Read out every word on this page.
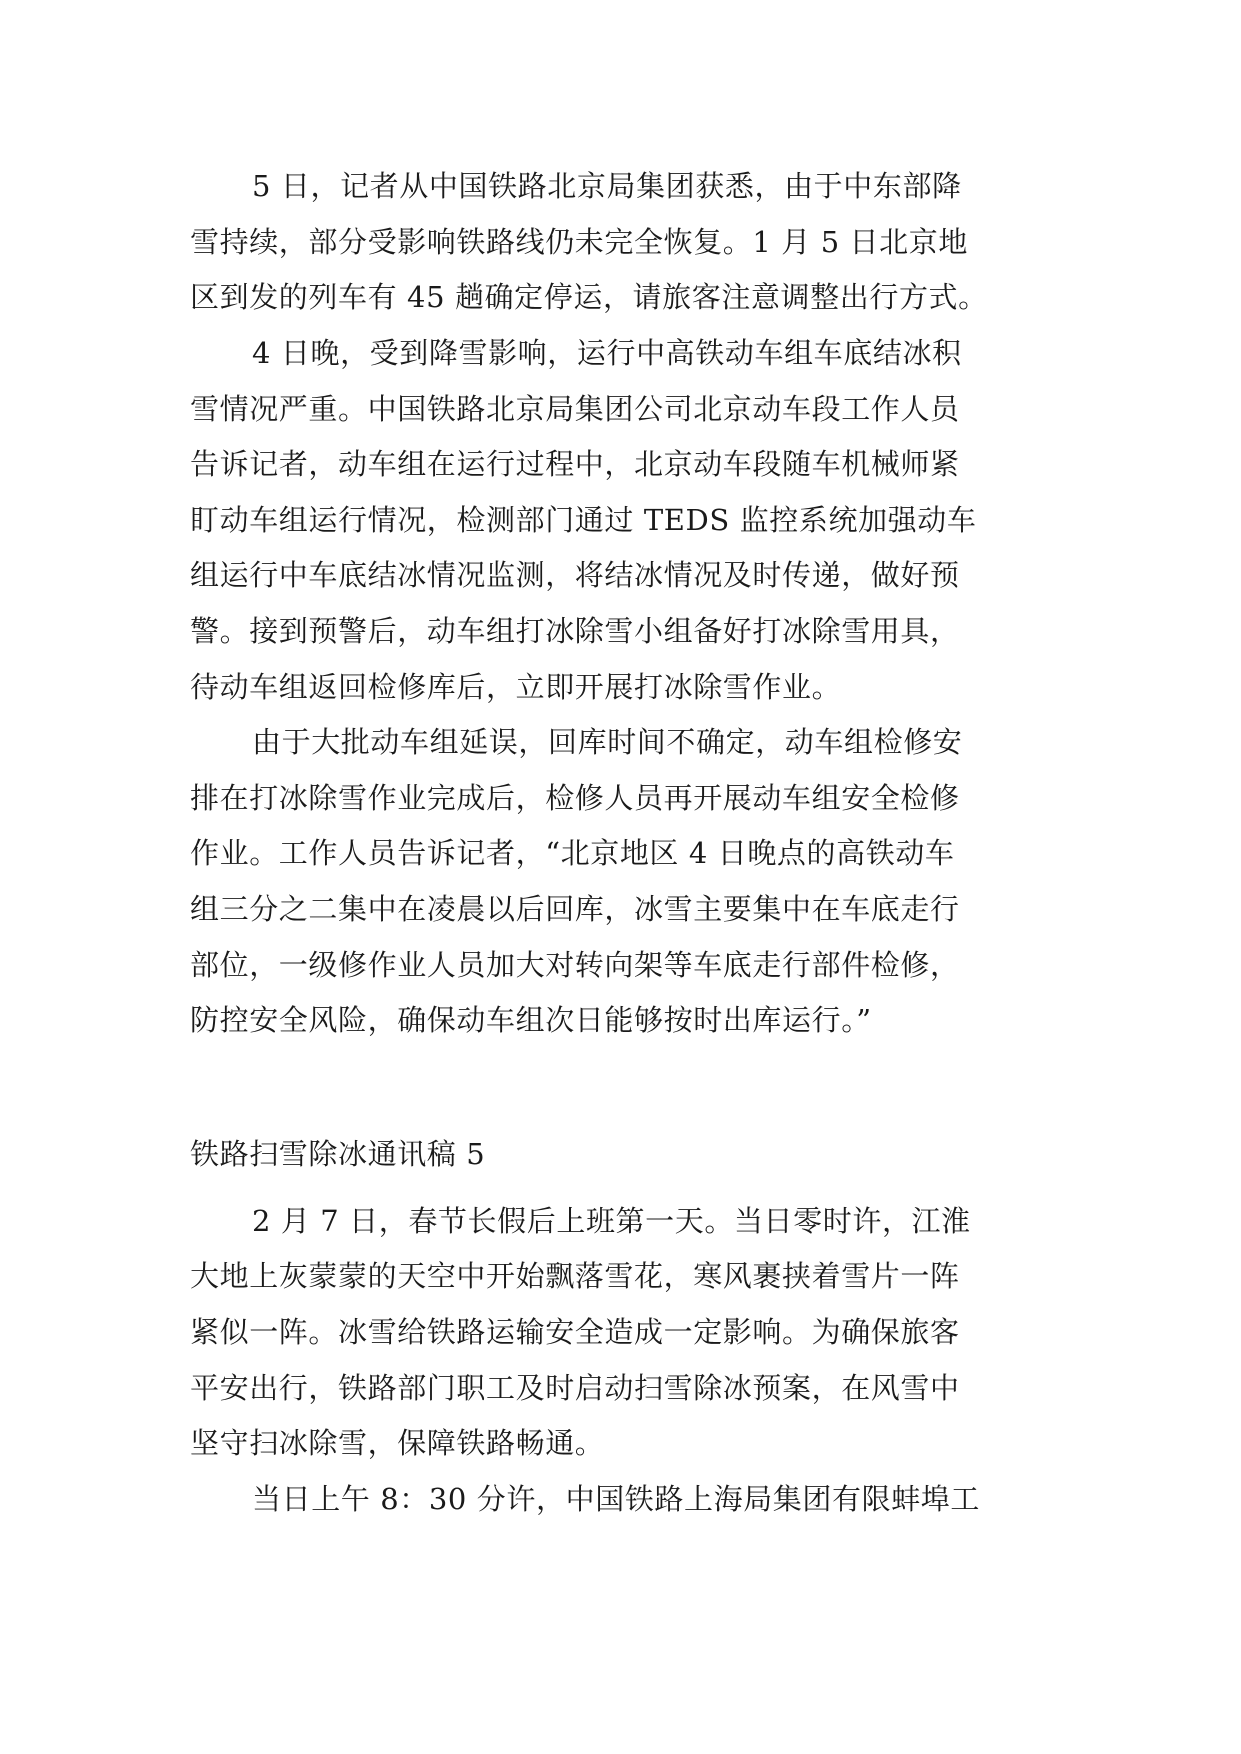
5 日，记者从中国铁路北京局集团获悉，由于中东部降

雪持续，部分受影响铁路线仍未完全恢复。1 月 5 日北京地

区到发的列车有 45 趟确定停运，请旅客注意调整出行方式。

4 日晚，受到降雪影响，运行中高铁动车组车底结冰积

雪情况严重。中国铁路北京局集团公司北京动车段工作人员

告诉记者，动车组在运行过程中，北京动车段随车机械师紧

盯动车组运行情况，检测部门通过 TEDS 监控系统加强动车

组运行中车底结冰情况监测，将结冰情况及时传递，做好预

警。接到预警后，动车组打冰除雪小组备好打冰除雪用具，

待动车组返回检修库后，立即开展打冰除雪作业。

由于大批动车组延误，回库时间不确定，动车组检修安

排在打冰除雪作业完成后，检修人员再开展动车组安全检修

作业。工作人员告诉记者，“北京地区 4 日晚点的高铁动车

组三分之二集中在凌晨以后回库，冰雪主要集中在车底走行

部位，一级修作业人员加大对转向架等车底走行部件检修，

防控安全风险，确保动车组次日能够按时出库运行。”

铁路扫雪除冰通讯稿 5

2 月 7 日，春节长假后上班第一天。当日零时许，江淮

大地上灰蒙蒙的天空中开始飘落雪花，寒风裹挟着雪片一阵

紧似一阵。冰雪给铁路运输安全造成一定影响。为确保旅客

平安出行，铁路部门职工及时启动扫雪除冰预案，在风雪中

坚守扫冰除雪，保障铁路畅通。

当日上午 8：30 分许，中国铁路上海局集团有限蚌埠工
